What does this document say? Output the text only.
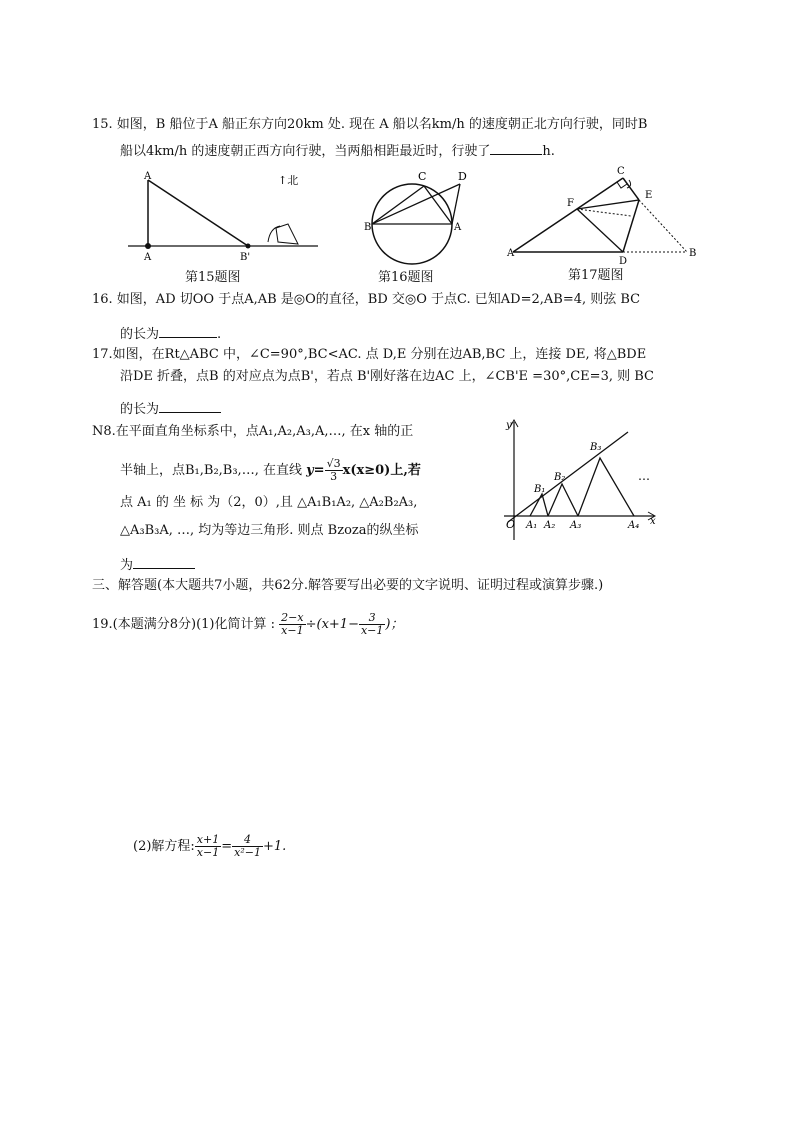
15. 如图，B 船位于A 船正东方向20km 处. 现在 A 船以名km/h 的速度朝正北方向行驶，同时B
船以4km/h 的速度朝正西方向行驶，当两船相距最近时，行驶了	h.
A
A	B'
↑北
第15题图
C	D
B	A
第16题图
C
E
F
A
D
B
第17题图
16. 如图，AD 切OO 于点A,AB 是◎O的直径，BD 交◎O 于点C. 已知AD=2,AB=4, 则弦 BC
的长为	.
17.如图，在Rt△ABC 中，∠C=90°,BC<AC. 点 D,E 分别在边AB,BC 上，连接 DE, 将△BDE
沿DE 折叠，点B 的对应点为点B'，若点 B'刚好落在边AC 上，∠CB'E =30°,CE=3, 则 BC
的长为
N8.在平面直角坐标系中，点A₁,A₂,A₃,A,…, 在x 轴的正
半轴上，点B₁,B₂,B₃,…, 在直线 $y= \frac{√3}{3} x(x\ge 0)$上,若
点 A₁ 的 坐 标 为（2，0）,且 △A₁B₁A₂, △A₂B₂A₃,
△A₃B₃A, …, 均为等边三角形. 则点 Bzoza的纵坐标
为
y
x
O
B₁
B₂
B₃
A₁ A₂ A₃	A₄
…
三、解答题(本大题共7小题，共62分.解答要写出必要的文字说明、证明过程或演算步骤.)
19.(本题满分8分)(1)化简计算 : $\frac{2-x}{x-1} \div(x+1- \frac{3}{x-1}$ )；
(2)解方程: $\frac{x+1}{x-1} = \frac{4}{\text{x²−1}} +1$.
